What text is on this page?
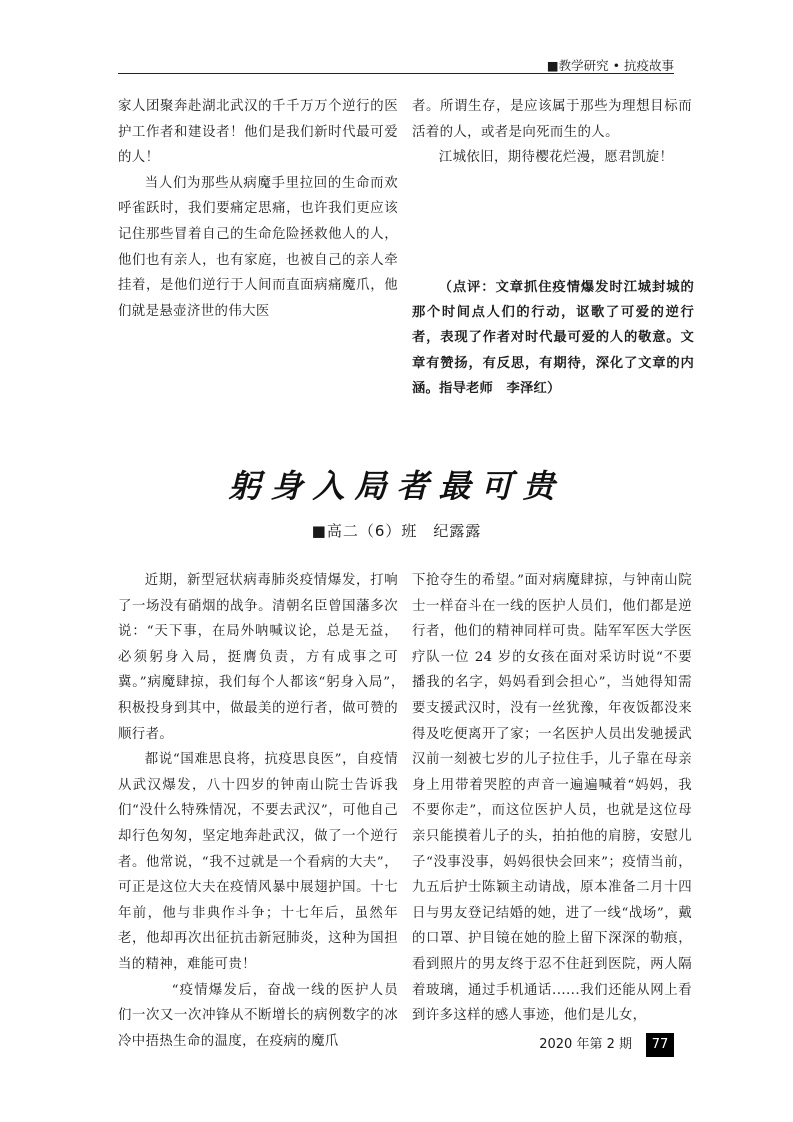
■教学研究 • 抗疫故事

家人团聚奔赴湖北武汉的千千万万个逆行的医护工作者和建设者！他们是我们新时代最可爱的人！

当人们为那些从病魔手里拉回的生命而欢呼雀跃时，我们要痛定思痛，也许我们更应该记住那些冒着自己的生命危险拯救他人的人，他们也有亲人，也有家庭，也被自己的亲人牵挂着，是他们逆行于人间而直面病痛魔爪，他们就是悬壶济世的伟大医

者。所谓生存，是应该属于那些为理想目标而活着的人，或者是向死而生的人。

江城依旧，期待樱花烂漫，愿君凯旋！

（点评：文章抓住疫情爆发时江城封城的那个时间点人们的行动，讴歌了可爱的逆行者，表现了作者对时代最可爱的人的敬意。文章有赞扬，有反思，有期待，深化了文章的内涵。指导老师　李泽红）
躬身入局者最可贵
■高二（6）班　纪露露

近期，新型冠状病毒肺炎疫情爆发，打响了一场没有硝烟的战争。清朝名臣曾国藩多次说：“天下事，在局外呐喊议论，总是无益，必须躬身入局，挺膺负责，方有成事之可冀。”病魔肆掠，我们每个人都该“躬身入局”，　积极投身到其中，做最美的逆行者，做可赞的顺行者。

都说“国难思良将，抗疫思良医”，自疫情从武汉爆发，八十四岁的钟南山院士告诉我们“没什么特殊情况，不要去武汉”，可他自己却行色匆匆，坚定地奔赴武汉，做了一个逆行者。他常说，“我不过就是一个看病的大夫”，可正是这位大夫在疫情风暴中展翅护国。十七年前，他与非典作斗争；十七年后，虽然年老，他却再次出征抗击新冠肺炎，这种为国担当的精神，难能可贵！

“疫情爆发后，奋战一线的医护人员们一次又一次冲锋从不断增长的病例数字的冰冷中捂热生命的温度，在疫病的魔爪

下抢夺生的希望。”面对病魔肆掠，与钟南山院士一样奋斗在一线的医护人员们，他们都是逆行者，他们的精神同样可贵。陆军军医大学医疗队一位 24 岁的女孩在面对采访时说“不要播我的名字，妈妈看到会担心”，当她得知需要支援武汉时，没有一丝犹豫，年夜饭都没来得及吃便离开了家；一名医护人员出发驰援武汉前一刻被七岁的儿子拉住手，儿子靠在母亲身上用带着哭腔的声音一遍遍喊着“妈妈，我不要你走”，而这位医护人员，也就是这位母亲只能摸着儿子的头，拍拍他的肩膀，安慰儿子“没事没事，妈妈很快会回来”；疫情当前，九五后护士陈颖主动请战，原本准备二月十四日与男友登记结婚的她，进了一线“战场”，戴的口罩、护目镜在她的脸上留下深深的勒痕，看到照片的男友终于忍不住赶到医院，两人隔着玻璃，通过手机通话......我们还能从网上看到许多这样的感人事迹，他们是儿女，

2020 年第 2 期	77
